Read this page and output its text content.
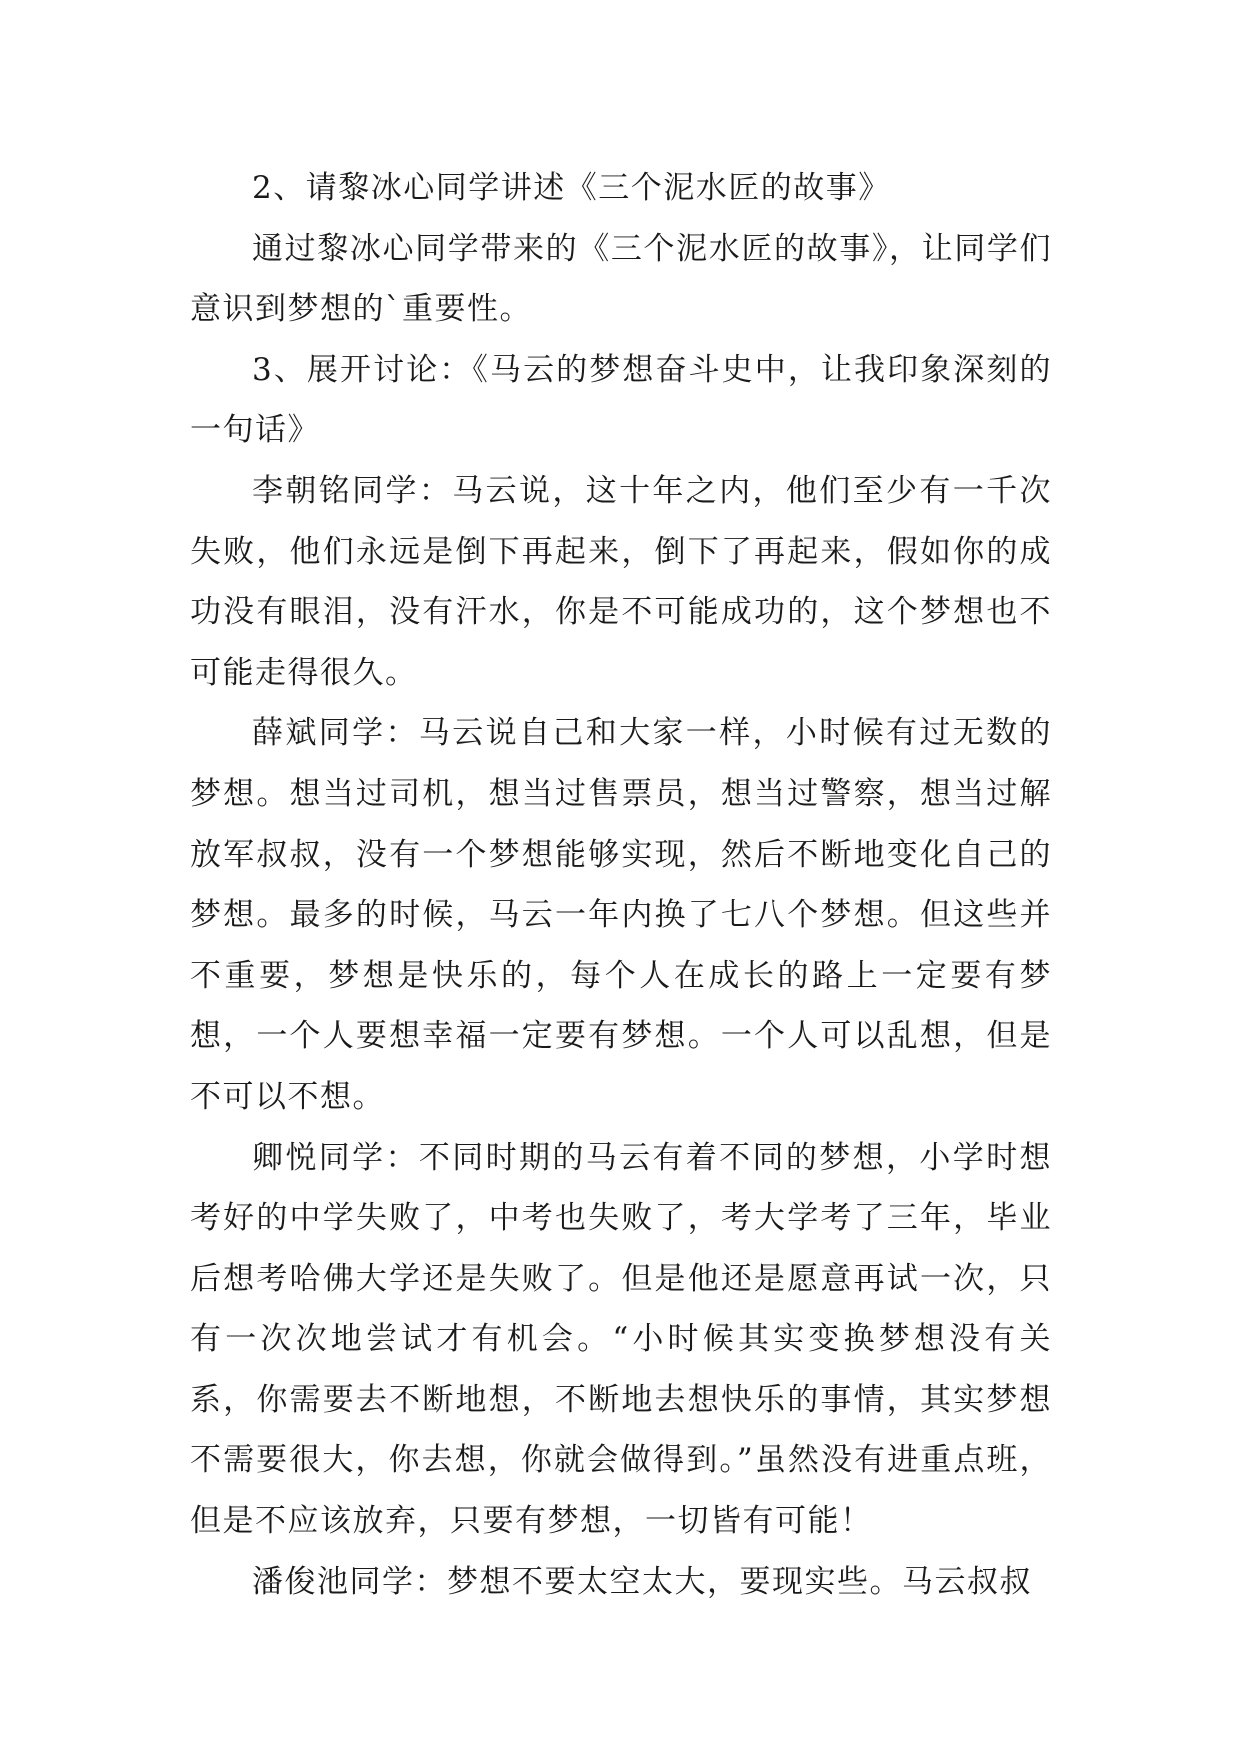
2、请黎冰心同学讲述《三个泥水匠的故事》

通过黎冰心同学带来的《三个泥水匠的故事》，让同学们意识到梦想的`重要性。

3、展开讨论：《马云的梦想奋斗史中，让我印象深刻的一句话》

李朝铭同学：马云说，这十年之内，他们至少有一千次失败，他们永远是倒下再起来，倒下了再起来，假如你的成功没有眼泪，没有汗水，你是不可能成功的，这个梦想也不可能走得很久。

薛斌同学：马云说自己和大家一样，小时候有过无数的梦想。想当过司机，想当过售票员，想当过警察，想当过解放军叔叔，没有一个梦想能够实现，然后不断地变化自己的梦想。最多的时候，马云一年内换了七八个梦想。但这些并不重要，梦想是快乐的，每个人在成长的路上一定要有梦想，一个人要想幸福一定要有梦想。一个人可以乱想，但是不可以不想。

卿悦同学：不同时期的马云有着不同的梦想，小学时想考好的中学失败了，中考也失败了，考大学考了三年，毕业后想考哈佛大学还是失败了。但是他还是愿意再试一次，只有一次次地尝试才有机会。“小时候其实变换梦想没有关系，你需要去不断地想，不断地去想快乐的事情，其实梦想不需要很大，你去想，你就会做得到。”虽然没有进重点班，但是不应该放弃，只要有梦想，一切皆有可能！

潘俊池同学：梦想不要太空太大，要现实些。马云叔叔
